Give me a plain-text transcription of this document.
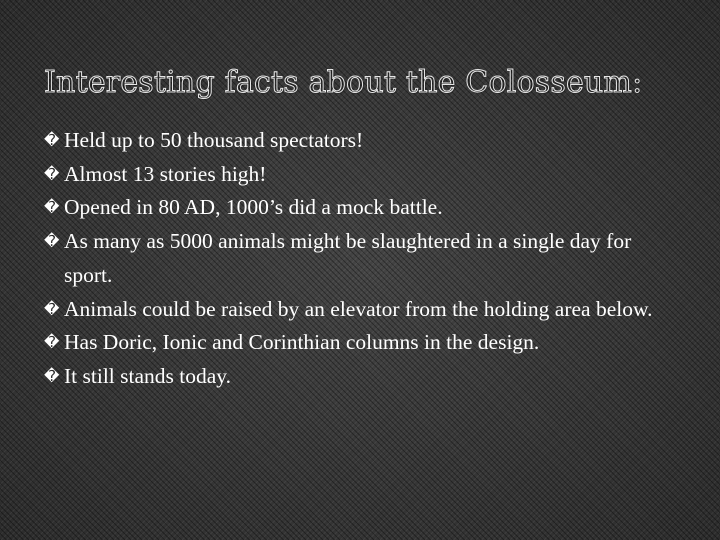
Interesting facts about the Colosseum:
� Held up to 50 thousand spectators!
� Almost 13 stories high!
� Opened in 80 AD, 1000’s did a mock battle.
� As many as 5000 animals might be slaughtered in a single day for sport.
� Animals could be raised by an elevator from the holding area below.
� Has Doric, Ionic and Corinthian columns in the design.
� It still stands today.
